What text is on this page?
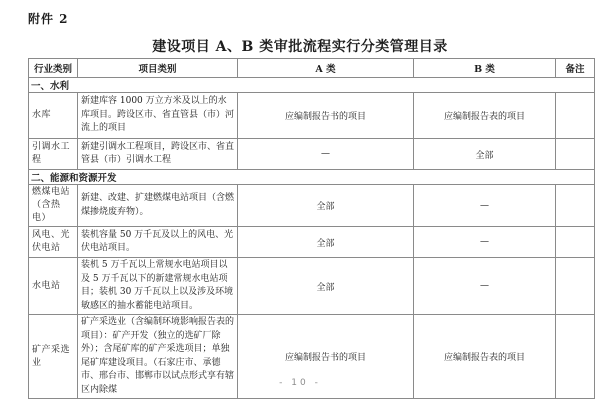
附件 2
建设项目 A、B 类审批流程实行分类管理目录
行业类别	项目类别	A 类	B 类	备注
一、水利				
水库	新建库容 1000 万立方米及以上的水库项目。跨设区市、省直管县（市）河流上的项目	应编制报告书的项目	应编制报告表的项目	
引调水工程	新建引调水工程项目，跨设区市、省直管县（市）引调水工程	—	全部	
二、能源和资源开发				
燃煤电站（含热电）	新建、改建、扩建燃煤电站项目（含燃煤掺烧废弃物）。	全部	—	
风电、光伏电站	装机容量 50 万千瓦及以上的风电、光伏电站项目。	全部	—	
水电站	装机 5 万千瓦以上常规水电站项目以及 5 万千瓦以下的新建常规水电站项目；装机 30 万千瓦以上以及涉及环境敏感区的抽水蓄能电站项目。	全部	—	
矿产采选业	矿产采选业（含编制环境影响报告表的项目）：矿产开发（独立的选矿厂除外）；含尾矿库的矿产采选项目；单独尾矿库建设项目。（石家庄市、承德市、邢台市、邯郸市以试点形式享有辖区内除煤	应编制报告书的项目	应编制报告表的项目	
- 10 -
